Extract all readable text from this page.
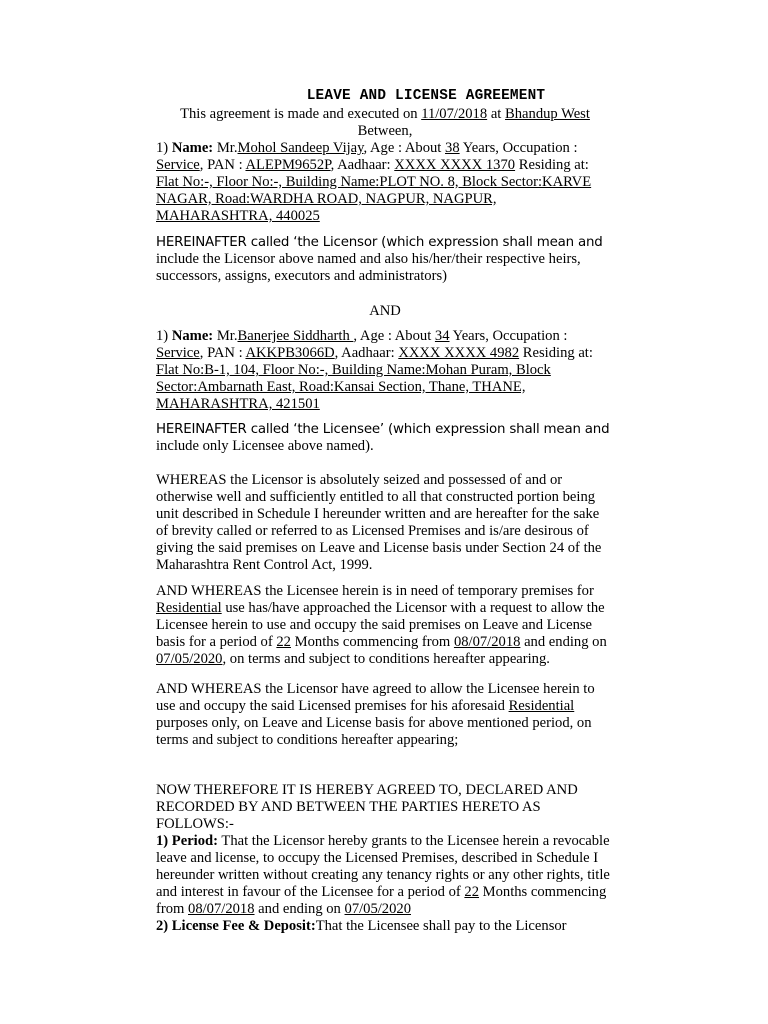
LEAVE AND LICENSE AGREEMENT
This agreement is made and executed on 11/07/2018 at Bhandup West
Between,

1) Name: Mr.Mohol Sandeep Vijay, Age : About 38 Years, Occupation : Service, PAN : ALEPM9652P, Aadhaar: XXXX XXXX 1370 Residing at: Flat No:-, Floor No:-, Building Name:PLOT NO. 8, Block Sector:KARVE NAGAR, Road:WARDHA ROAD, NAGPUR, NAGPUR, MAHARASHTRA, 440025

HEREINAFTER called ‘the Licensor (which expression shall mean and include the Licensor above named and also his/her/their respective heirs, successors, assigns, executors and administrators)

AND

1) Name: Mr.Banerjee Siddharth , Age : About 34 Years, Occupation : Service, PAN : AKKPB3066D, Aadhaar: XXXX XXXX 4982 Residing at: Flat No:B-1, 104, Floor No:-, Building Name:Mohan Puram, Block Sector:Ambarnath East, Road:Kansai Section, Thane, THANE, MAHARASHTRA, 421501

HEREINAFTER called ‘the Licensee’ (which expression shall mean and include only Licensee above named).

WHEREAS the Licensor is absolutely seized and possessed of and or otherwise well and sufficiently entitled to all that constructed portion being unit described in Schedule I hereunder written and are hereafter for the sake of brevity called or referred to as Licensed Premises and is/are desirous of giving the said premises on Leave and License basis under Section 24 of the Maharashtra Rent Control Act, 1999.

AND WHEREAS the Licensee herein is in need of temporary premises for Residential use has/have approached the Licensor with a request to allow the Licensee herein to use and occupy the said premises on Leave and License basis for a period of 22 Months commencing from 08/07/2018 and ending on 07/05/2020, on terms and subject to conditions hereafter appearing.

AND WHEREAS the Licensor have agreed to allow the Licensee herein to use and occupy the said Licensed premises for his aforesaid Residential purposes only, on Leave and License basis for above mentioned period, on terms and subject to conditions hereafter appearing;

NOW THEREFORE IT IS HEREBY AGREED TO, DECLARED AND RECORDED BY AND BETWEEN THE PARTIES HERETO AS FOLLOWS:-

1) Period: That the Licensor hereby grants to the Licensee herein a revocable leave and license, to occupy the Licensed Premises, described in Schedule I hereunder written without creating any tenancy rights or any other rights, title and interest in favour of the Licensee for a period of 22 Months commencing from 08/07/2018 and ending on 07/05/2020

2) License Fee & Deposit:That the Licensee shall pay to the Licensor
